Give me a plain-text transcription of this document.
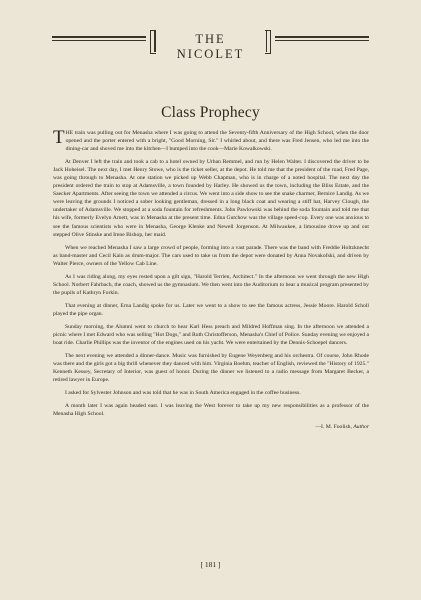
THE NICOLET
Class Prophecy

THE train was pulling out for Menasha where I was going to attend the Seventy-fifth Anniversary of the High School, when the door opened and the porter entered with a bright, "Good Morning, Sir." I whirled about, and there was Fred Jensen, who led me into the dining-car and shoved me into the kitchen—I bumped into the cook—Marie Kowalkowski.

At Denver I left the train and took a cab to a hotel owned by Urban Remmel, and run by Helen Walter. I discovered the driver to be Jack Hoheisel. The next day, I met Henry Stowe, who is the ticket seller, at the depot. He told me that the president of the road, Fred Page, was going through to Menasha. At one station we picked up Webb Chapman, who is in charge of a noted hospital. The next day the president ordered the train to stop at Adamsville, a town founded by Harley. He showed us the town, including the Bliss Estate, and the Saecker Apartments. After seeing the town we attended a circus. We went into a side show to see the snake charmer, Bernice Landig. As we were leaving the grounds I noticed a sober looking gentleman, dressed in a long black coat and wearing a stiff hat, Harvey Clough, the undertaker of Adamsville. We stopped at a soda fountain for refreshments. John Pawlowski was behind the soda fountain and told me that his wife, formerly Evelyn Arnett, was in Menasha at the present time. Edna Gutchow was the village speed-cop. Every one was anxious to see the famous scientists who were in Menasha, George Klenke and Newell Jorgenson. At Milwaukee, a limousine drove up and out stepped Olive Stinske and Irene Bishop, her maid.

When we reached Menasha I saw a large crowd of people, forming into a vast parade. There was the band with Freddie Holtzknecht as band-master and Cecil Kain as drum-major. The cars used to take us from the depot were donated by Anna Novakofski, and driven by Walter Pierce, owners of the Yellow Cab Line.

As I was riding along, my eyes rested upon a gilt sign, "Harold Terrien, Architect." In the afternoon we went through the new High School. Norbert Fahrbach, the coach, showed us the gymnasium. We then went into the Auditorium to hear a musical program presented by the pupils of Kathryn Forkin.

That evening at dinner, Erna Landig spoke for us. Later we went to a show to see the famous actress, Jessie Moore. Harold Scholl played the pipe organ.

Sunday morning, the Alumni went to church to hear Karl Hess preach and Mildred Hoffman sing. In the afternoon we attended a picnic where I met Edward who was selling "Hot Dogs," and Ruth Christofferson, Menasha's Chief of Police. Sunday evening we enjoyed a boat ride. Charlie Phillips was the inventor of the engines used on his yacht. We were entertained by the Dennis-Schoepel dancers.

The next evening we attended a dinner-dance. Music was furnished by Eugene Weyenberg and his orchestra. Of course, John Rhode was there and the girls got a big thrill whenever they danced with him. Virginia Boehm, teacher of English, reviewed the "History of 1925." Kenneth Kessey, Secretary of Interior, was guest of honor. During the dinner we listened to a radio message from Margaret Becker, a retired lawyer in Europe.

I asked for Sylvester Johnson and was told that he was in South America engaged in the coffee business.

A month later I was again headed east. I was leaving the West forever to take up my new responsibilities as a professor of the Menasha High School.

—I. M. Foolish, Author
[ 181 ]
